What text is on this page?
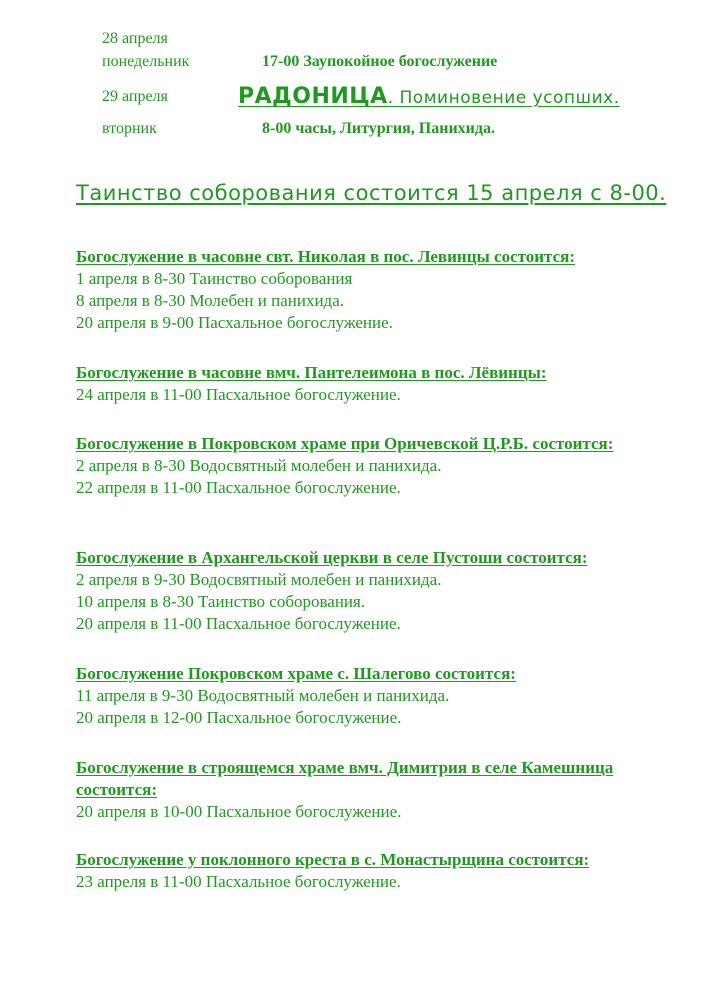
28 апреля
понедельник	17-00 Заупокойное богослужение
29 апреля	РАДОНИЦА. Поминовение усопших.
вторник	8-00 часы, Литургия, Панихида.
Таинство соборования состоится 15 апреля с 8-00.
Богослужение в часовне свт. Николая в пос. Левинцы состоится:
1 апреля в 8-30 Таинство соборования
8 апреля в 8-30 Молебен и панихида.
20 апреля в 9-00 Пасхальное богослужение.
Богослужение в часовне вмч. Пантелеимона в пос. Лёвинцы:
24 апреля в 11-00 Пасхальное богослужение.
Богослужение в Покровском храме при Оричевской Ц.Р.Б. состоится:
2 апреля в 8-30 Водосвятный молебен и панихида.
22 апреля в 11-00 Пасхальное богослужение.
Богослужение в Архангельской церкви в селе Пустоши состоится:
2 апреля в 9-30 Водосвятный молебен и панихида.
10 апреля в 8-30 Таинство соборования.
20 апреля в 11-00 Пасхальное богослужение.
Богослужение Покровском храме с. Шалегово состоится:
11 апреля в 9-30 Водосвятный молебен и панихида.
20 апреля в 12-00 Пасхальное богослужение.
Богослужение в строящемся храме вмч. Димитрия в селе Камешница состоится:
20 апреля в 10-00 Пасхальное богослужение.
Богослужение у поклонного креста в с. Монастырщина состоится:
23 апреля в 11-00 Пасхальное богослужение.
